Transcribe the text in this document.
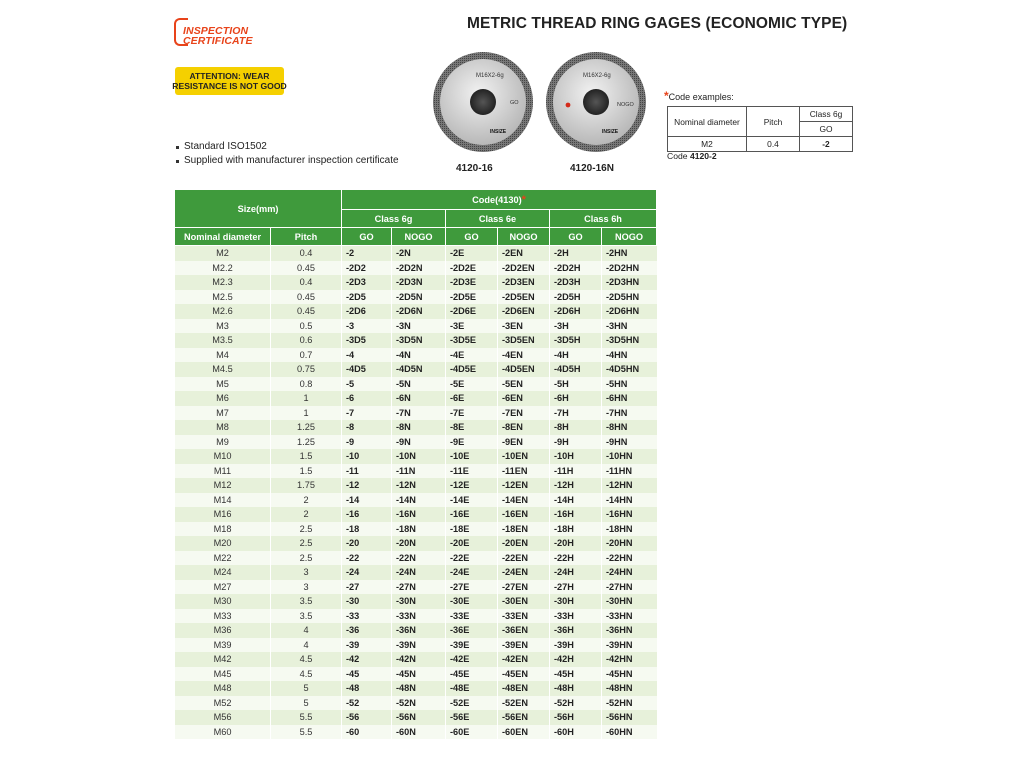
INSPECTION
CERTIFICATE
ATTENTION: WEAR
RESISTANCE IS NOT GOOD
METRIC THREAD RING GAGES (ECONOMIC TYPE)
Standard ISO1502
Supplied with manufacturer inspection certificate
M16X2-6g
GO
INSIZE
M16X2-6g
NOGO
INSIZE
4120-16	4120-16N
*Code examples:
Nominal diameter	Pitch	Class 6g
		GO
M2	0.4	-2
Code 4120-2
Size(mm)		Code(4130)*					
		Class 6g		Class 6e		Class 6h	
Nominal diameter	Pitch	GO	NOGO	GO	NOGO	GO	NOGO
M2	0.4	-2	-2N	-2E	-2EN	-2H	-2HN
M2.2	0.45	-2D2	-2D2N	-2D2E	-2D2EN	-2D2H	-2D2HN
M2.3	0.4	-2D3	-2D3N	-2D3E	-2D3EN	-2D3H	-2D3HN
M2.5	0.45	-2D5	-2D5N	-2D5E	-2D5EN	-2D5H	-2D5HN
M2.6	0.45	-2D6	-2D6N	-2D6E	-2D6EN	-2D6H	-2D6HN
M3	0.5	-3	-3N	-3E	-3EN	-3H	-3HN
M3.5	0.6	-3D5	-3D5N	-3D5E	-3D5EN	-3D5H	-3D5HN
M4	0.7	-4	-4N	-4E	-4EN	-4H	-4HN
M4.5	0.75	-4D5	-4D5N	-4D5E	-4D5EN	-4D5H	-4D5HN
M5	0.8	-5	-5N	-5E	-5EN	-5H	-5HN
M6	1	-6	-6N	-6E	-6EN	-6H	-6HN
M7	1	-7	-7N	-7E	-7EN	-7H	-7HN
M8	1.25	-8	-8N	-8E	-8EN	-8H	-8HN
M9	1.25	-9	-9N	-9E	-9EN	-9H	-9HN
M10	1.5	-10	-10N	-10E	-10EN	-10H	-10HN
M11	1.5	-11	-11N	-11E	-11EN	-11H	-11HN
M12	1.75	-12	-12N	-12E	-12EN	-12H	-12HN
M14	2	-14	-14N	-14E	-14EN	-14H	-14HN
M16	2	-16	-16N	-16E	-16EN	-16H	-16HN
M18	2.5	-18	-18N	-18E	-18EN	-18H	-18HN
M20	2.5	-20	-20N	-20E	-20EN	-20H	-20HN
M22	2.5	-22	-22N	-22E	-22EN	-22H	-22HN
M24	3	-24	-24N	-24E	-24EN	-24H	-24HN
M27	3	-27	-27N	-27E	-27EN	-27H	-27HN
M30	3.5	-30	-30N	-30E	-30EN	-30H	-30HN
M33	3.5	-33	-33N	-33E	-33EN	-33H	-33HN
M36	4	-36	-36N	-36E	-36EN	-36H	-36HN
M39	4	-39	-39N	-39E	-39EN	-39H	-39HN
M42	4.5	-42	-42N	-42E	-42EN	-42H	-42HN
M45	4.5	-45	-45N	-45E	-45EN	-45H	-45HN
M48	5	-48	-48N	-48E	-48EN	-48H	-48HN
M52	5	-52	-52N	-52E	-52EN	-52H	-52HN
M56	5.5	-56	-56N	-56E	-56EN	-56H	-56HN
M60	5.5	-60	-60N	-60E	-60EN	-60H	-60HN
